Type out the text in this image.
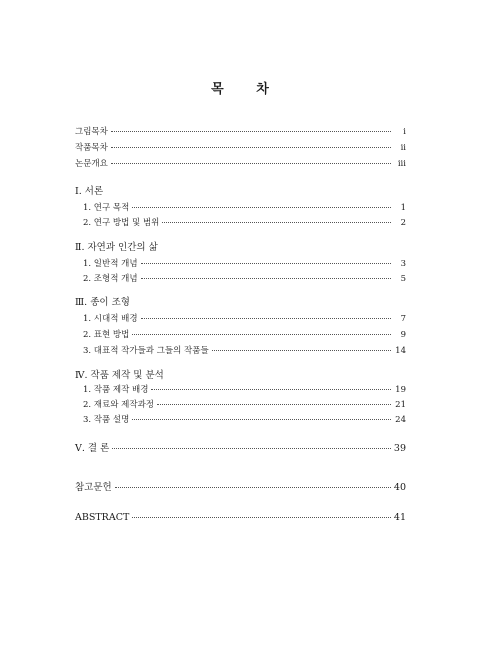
목 차
그림목차	i
작품목차	ii
논문개요	iii
Ⅰ. 서론
1. 연구 목적	1
2. 연구 방법 및 범위	2
Ⅱ. 자연과 인간의 삶
1. 일반적 개념	3
2. 조형적 개념	5
Ⅲ. 종이 조형
1. 시대적 배경	7
2. 표현 방법	9
3. 대표적 작가들과 그들의 작품들	14
Ⅳ. 작품 제작 및 분석
1. 작품 제작 배경	19
2. 재료와 제작과정	21
3. 작품 설명	24
Ⅴ. 결 론	39
참고문헌	40
ABSTRACT	41
